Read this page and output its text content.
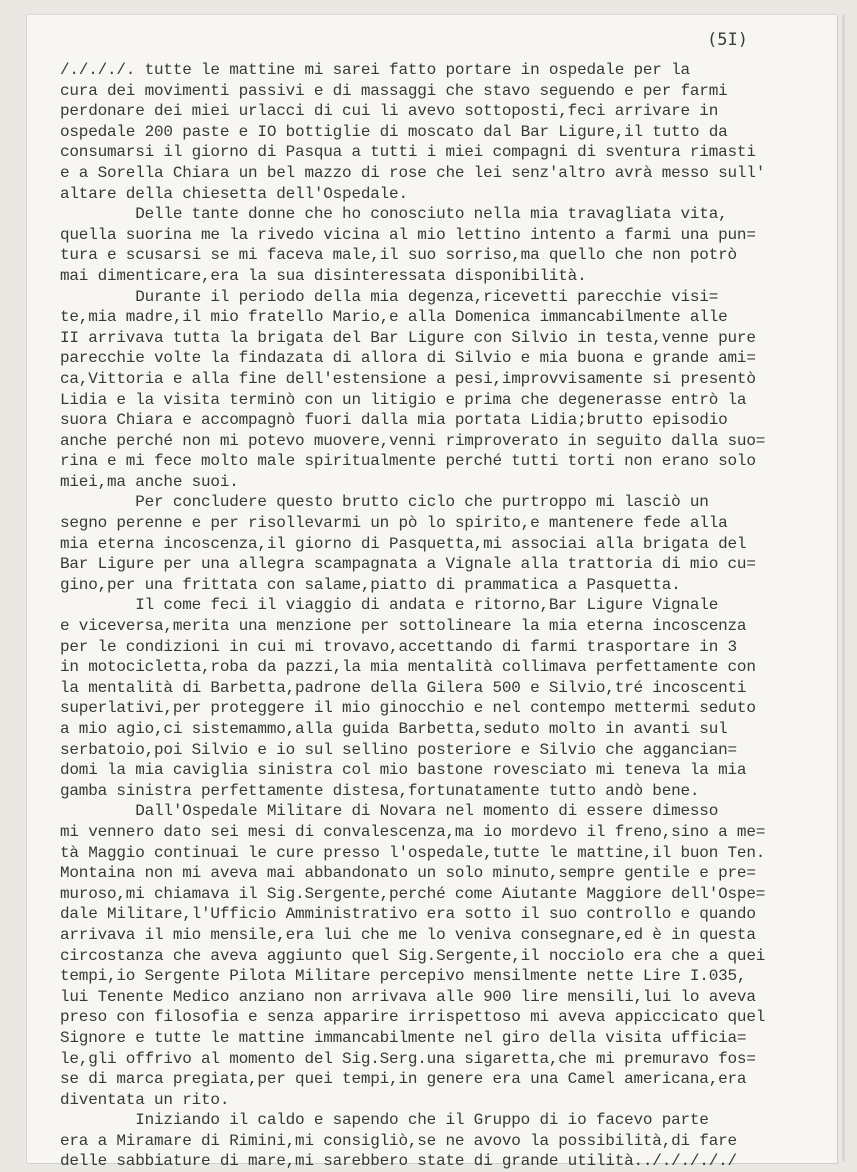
(5I)

/./././. tutte le mattine mi sarei fatto portare in ospedale per la
cura dei movimenti passivi e di massaggi che stavo seguendo e per farmi
perdonare dei miei urlacci di cui li avevo sottoposti,feci arrivare in
ospedale 200 paste e IO bottiglie di moscato dal Bar Ligure,il tutto da
consumarsi il giorno di Pasqua a tutti i miei compagni di sventura rimasti
e a Sorella Chiara un bel mazzo di rose che lei senz'altro avrà messo sull'
altare della chiesetta dell'Ospedale.
Delle tante donne che ho conosciuto nella mia travagliata vita,
quella suorina me la rivedo vicina al mio lettino intento a farmi una pun=
tura e scusarsi se mi faceva male,il suo sorriso,ma quello che non potrò
mai dimenticare,era la sua disinteressata disponibilità.
Durante il periodo della mia degenza,ricevetti parecchie visi=
te,mia madre,il mio fratello Mario,e alla Domenica immancabilmente alle
II arrivava tutta la brigata del Bar Ligure con Silvio in testa,venne pure
parecchie volte la findazata di allora di Silvio e mia buona e grande ami=
ca,Vittoria e alla fine dell'estensione a pesi,improvvisamente si presentò
Lidia e la visita terminò con un litigio e prima che degenerasse entrò la
suora Chiara e accompagnò fuori dalla mia portata Lidia;brutto episodio
anche perché non mi potevo muovere,venni rimproverato in seguito dalla suo=
rina e mi fece molto male spiritualmente perché tutti torti non erano solo
miei,ma anche suoi.
Per concludere questo brutto ciclo che purtroppo mi lasciò un
segno perenne e per risollevarmi un pò lo spirito,e mantenere fede alla
mia eterna incoscenza,il giorno di Pasquetta,mi associai alla brigata del
Bar Ligure per una allegra scampagnata a Vignale alla trattoria di mio cu=
gino,per una frittata con salame,piatto di prammatica a Pasquetta.
Il come feci il viaggio di andata e ritorno,Bar Ligure Vignale
e viceversa,merita una menzione per sottolineare la mia eterna incoscenza
per le condizioni in cui mi trovavo,accettando di farmi trasportare in 3
in motocicletta,roba da pazzi,la mia mentalità collimava perfettamente con
la mentalità di Barbetta,padrone della Gilera 500 e Silvio,tré incoscenti
superlativi,per proteggere il mio ginocchio e nel contempo mettermi seduto
a mio agio,ci sistemammo,alla guida Barbetta,seduto molto in avanti sul
serbatoio,poi Silvio e io sul sellino posteriore e Silvio che aggancian=
domi la mia caviglia sinistra col mio bastone rovesciato mi teneva la mia
gamba sinistra perfettamente distesa,fortunatamente tutto andò bene.
Dall'Ospedale Militare di Novara nel momento di essere dimesso
mi vennero dato sei mesi di convalescenza,ma io mordevo il freno,sino a me=
tà Maggio continuai le cure presso l'ospedale,tutte le mattine,il buon Ten.
Montaina non mi aveva mai abbandonato un solo minuto,sempre gentile e pre=
muroso,mi chiamava il Sig.Sergente,perché come Aiutante Maggiore dell'Ospe=
dale Militare,l'Ufficio Amministrativo era sotto il suo controllo e quando
arrivava il mio mensile,era lui che me lo veniva consegnare,ed è in questa
circostanza che aveva aggiunto quel Sig.Sergente,il nocciolo era che a quei
tempi,io Sergente Pilota Militare percepivo mensilmente nette Lire I.035,
lui Tenente Medico anziano non arrivava alle 900 lire mensili,lui lo aveva
preso con filosofia e senza apparire irrispettoso mi aveva appiccicato quel
Signore e tutte le mattine immancabilmente nel giro della visita ufficia=
le,gli offrivo al momento del Sig.Serg.una sigaretta,che mi premuravo fos=
se di marca pregiata,per quei tempi,in genere era una Camel americana,era
diventata un rito.
Iniziando il caldo e sapendo che il Gruppo di io facevo parte
era a Miramare di Rimini,mi consigliò,se ne avovo la possibilità,di fare
delle sabbiature di mare,mi sarebbero state di grande utilità../././././
